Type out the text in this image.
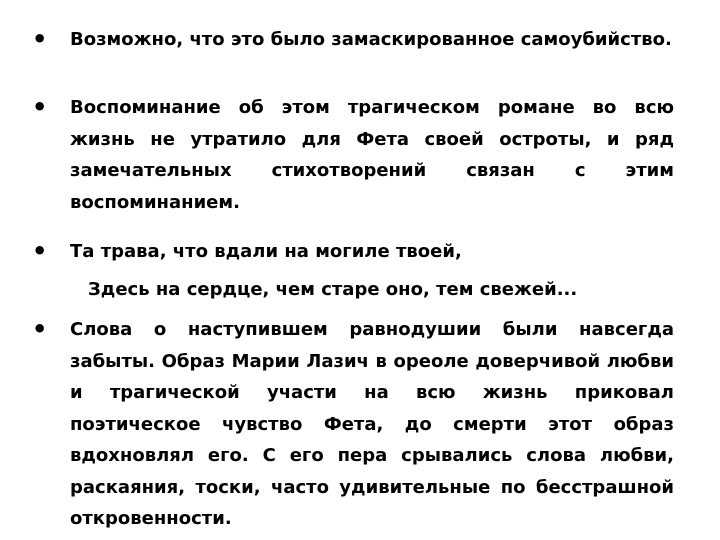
• Возможно, что это было замаскированное самоубийство.

• Воспоминание об этом трагическом романе во всю жизнь не утратило для Фета своей остроты, и ряд замечательных стихотворений связан с этим воспоминанием.

• Та трава, что вдали на могиле твоей,

Здесь на сердце, чем старе оно, тем свежей...

• Слова о наступившем равнодушии были навсегда забыты. Образ Марии Лазич в ореоле доверчивой любви и трагической участи на всю жизнь приковал поэтическое чувство Фета, до смерти этот образ вдохновлял его. С его пера срывались слова любви, раскаяния, тоски, часто удивительные по бесстрашной откровенности.
